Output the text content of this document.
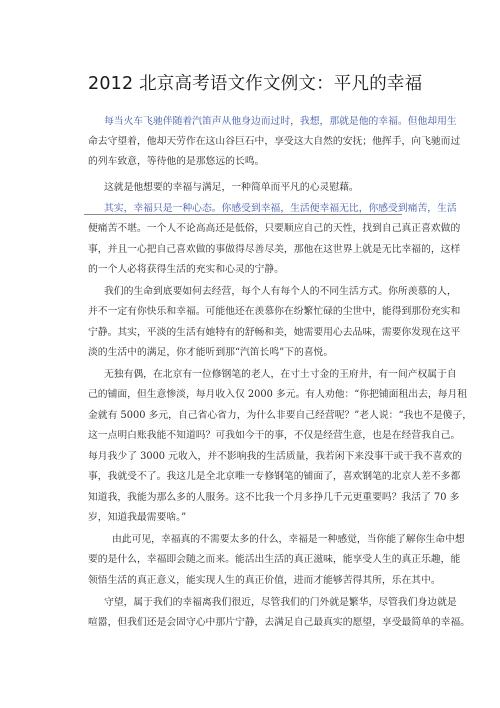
2012 北京高考语文作文例文：平凡的幸福
每当火车飞驰伴随着汽笛声从他身边而过时，我想，那就是他的幸福。但他却用生
命去守望着，他却天劳作在这山谷巨石中，享受这大自然的安抚；他挥手，向飞驰而过
的列车致意，等待他的是那悠远的长鸣。
这就是他想要的幸福与满足，一种简单而平凡的心灵慰藉。
其实，幸福只是一种心态。你感受到幸福，生活便幸福无比，你感受到痛苦，生活
便痛苦不堪。一个人不论高高还是低俗，只要顺应自己的天性，找到自己真正喜欢做的
事，并且一心把自己喜欢做的事做得尽善尽美，那他在这世界上就是无比幸福的，这样
的一个人必将获得生活的充实和心灵的宁静。
我们的生命到底要如何去经营，每个人有每个人的不同生活方式。你所羡慕的人，
并不一定有你快乐和幸福。可能他还在羡慕你在纷繁忙碌的尘世中，能得到那份充实和
宁静。其实，平淡的生活有她特有的舒畅和美，她需要用心去品味，需要你发现在这平
淡的生活中的满足，你才能听到那“汽笛长鸣”下的喜悦。
无独有偶，在北京有一位修钢笔的老人，在寸土寸金的王府井，有一间产权属于自
己的铺面，但生意惨淡，每月收入仅 2000 多元。有人劝他：“你把铺面租出去，每月租
金就有 5000 多元，自己省心省力，为什么非要自己经营呢？”老人说：“我也不是傻子，
这一点明白账我能不知道吗？可我如今干的事，不仅是经营生意，也是在经营我自己。
每月我少了 3000 元收入，并不影响我的生活质量，我若闲下来没事干或干我不喜欢的
事，我就受不了。我这儿是全北京唯一专修钢笔的铺面了，喜欢钢笔的北京人差不多都
知道我，我能为那么多的人服务。这不比我一个月多挣几千元更重要吗？我活了 70 多
岁，知道我最需要啥。”
由此可见，幸福真的不需要太多的什么，幸福是一种感觉，当你能了解你生命中想
要的是什么，幸福即会随之而来。能活出生活的真正滋味，能享受人生的真正乐趣，能
领悟生活的真正意义，能实现人生的真正价值，进而才能够苦得其所，乐在其中。
守望，属于我们的幸福离我们很近，尽管我们的门外就是繁华，尽管我们身边就是
喧嚣，但我们还是会固守心中那片宁静，去满足自己最真实的愿望，享受最简单的幸福。
